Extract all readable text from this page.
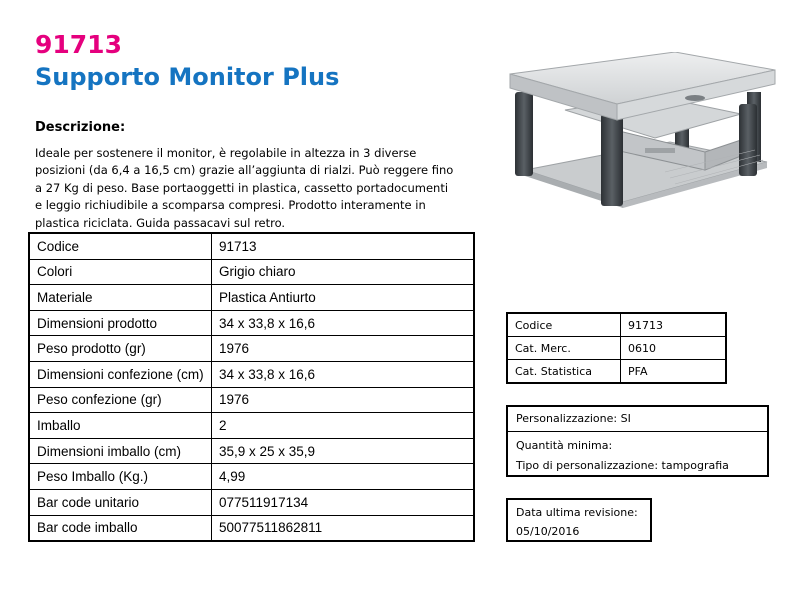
91713
Supporto Monitor Plus
Descrizione:
Ideale per sostenere il monitor, è regolabile in altezza in 3 diverse posizioni (da 6,4 a 16,5 cm) grazie all’aggiunta di rialzi. Può reggere fino a 27 Kg di peso. Base portaoggetti in plastica, cassetto portadocumenti e leggio richiudibile a scomparsa compresi. Prodotto interamente in plastica riciclata. Guida passacavi sul retro.
Codice	91713
Colori	Grigio chiaro
Materiale	Plastica Antiurto
Dimensioni prodotto	34 x 33,8 x 16,6
Peso prodotto (gr)	1976
Dimensioni confezione (cm)	34 x 33,8 x 16,6
Peso confezione (gr)	1976
Imballo	2
Dimensioni imballo (cm)	35,9 x 25 x 35,9
Peso Imballo (Kg.)	4,99
Bar code unitario	077511917134
Bar code imballo	50077511862811
Codice	91713
Cat. Merc.	0610
Cat. Statistica	PFA
Personalizzazione: SI
Quantità minima:
Tipo di personalizzazione: tampografia
Data ultima revisione:
05/10/2016
